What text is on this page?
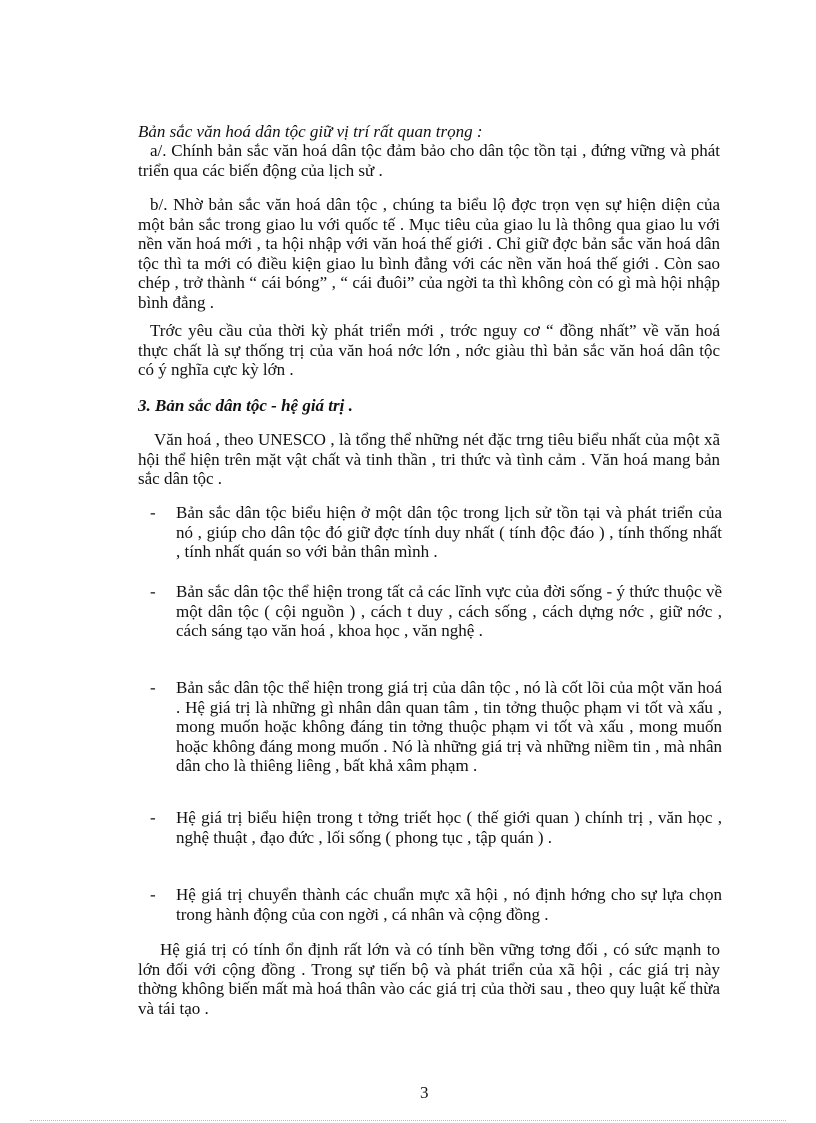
Bản sắc văn hoá dân tộc giữ vị trí rất quan trọng :

a/. Chính bản sắc văn hoá dân tộc đảm bảo cho dân tộc tồn tại , đứng vững và phát triển qua các biến động của lịch sử .

b/. Nhờ bản sắc văn hoá dân tộc , chúng ta biểu lộ đợc trọn vẹn sự hiện diện của một bản sắc trong giao lu với quốc tế . Mục tiêu của giao lu là thông qua giao lu với nền văn hoá mới , ta hội nhập với văn hoá thế giới . Chỉ giữ đợc bản sắc văn hoá dân tộc thì ta mới có điều kiện giao lu bình đẳng với các nền văn hoá thế giới . Còn sao chép , trở thành “ cái bóng” , “ cái đuôi” của ngời ta thì không còn có gì mà hội nhập bình đẳng .

Trớc yêu cầu của thời kỳ phát triển mới , trớc nguy cơ “ đồng nhất” về văn hoá thực chất là sự thống trị của văn hoá nớc lớn , nớc giàu thì bản sắc văn hoá dân tộc có ý nghĩa cực kỳ lớn .

3. Bản sắc dân tộc - hệ giá trị .

Văn hoá , theo UNESCO , là tổng thể những nét đặc trng tiêu biểu nhất của một xã hội thể hiện trên mặt vật chất và tinh thần , tri thức và tình cảm . Văn hoá mang bản sắc dân tộc .

-	Bản sắc dân tộc biểu hiện ở một dân tộc trong lịch sử tồn tại và phát triển của nó , giúp cho dân tộc đó giữ đợc tính duy nhất ( tính độc đáo ) , tính thống nhất , tính nhất quán so với bản thân mình .

-	Bản sắc dân tộc thể hiện trong tất cả các lĩnh vực của đời sống - ý thức thuộc về một dân tộc ( cội nguồn ) , cách t duy , cách sống , cách dựng nớc , giữ nớc , cách sáng tạo văn hoá , khoa học , văn nghệ .

-	Bản sắc dân tộc thể hiện trong giá trị của dân tộc , nó là cốt lõi của một văn hoá . Hệ giá trị là những gì nhân dân quan tâm , tin tởng thuộc phạm vi tốt và xấu , mong muốn hoặc không đáng tin tởng thuộc phạm vi tốt và xấu , mong muốn hoặc không đáng mong muốn . Nó là những giá trị và những niềm tin , mà nhân dân cho là thiêng liêng , bất khả xâm phạm .

-	Hệ giá trị biểu hiện trong t tởng triết học ( thế giới quan ) chính trị , văn học , nghệ thuật , đạo đức , lối sống ( phong tục , tập quán ) .

-	Hệ giá trị chuyển thành các chuẩn mực xã hội , nó định hớng cho sự lựa chọn trong hành động của con ngời , cá nhân và cộng đồng .

Hệ giá trị có tính ổn định rất lớn và có tính bền vững tơng đối , có sức mạnh to lớn đối với cộng đồng . Trong sự tiến bộ và phát triển của xã hội , các giá trị này thờng không biến mất mà hoá thân vào các giá trị của thời sau , theo quy luật kế thừa và tái tạo .

3
